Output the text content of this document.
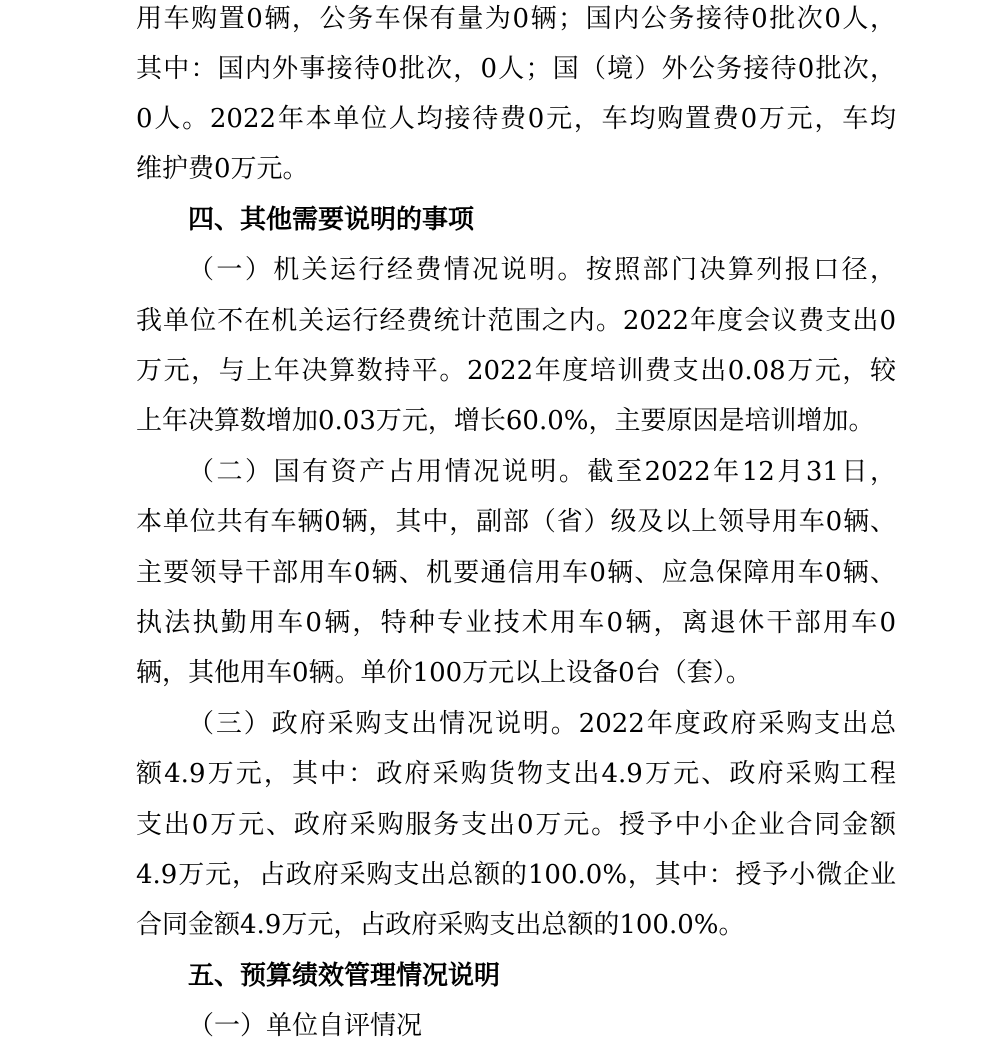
用车购置0辆，公务车保有量为0辆；国内公务接待0批次0人，
其中：国内外事接待0批次，0人；国（境）外公务接待0批次，
0人。2022年本单位人均接待费0元，车均购置费0万元，车均
维护费0万元。
四、其他需要说明的事项
（一）机关运行经费情况说明。按照部门决算列报口径，
我单位不在机关运行经费统计范围之内。2022年度会议费支出0
万元，与上年决算数持平。2022年度培训费支出0.08万元，较
上年决算数增加0.03万元，增长60.0%，主要原因是培训增加。
（二）国有资产占用情况说明。截至2022年12月31日，
本单位共有车辆0辆，其中，副部（省）级及以上领导用车0辆、
主要领导干部用车0辆、机要通信用车0辆、应急保障用车0辆、
执法执勤用车0辆，特种专业技术用车0辆，离退休干部用车0
辆，其他用车0辆。单价100万元以上设备0台（套）。
（三）政府采购支出情况说明。2022年度政府采购支出总
额4.9万元，其中：政府采购货物支出4.9万元、政府采购工程
支出0万元、政府采购服务支出0万元。授予中小企业合同金额
4.9万元，占政府采购支出总额的100.0%，其中：授予小微企业
合同金额4.9万元，占政府采购支出总额的100.0%。
五、预算绩效管理情况说明
（一）单位自评情况
